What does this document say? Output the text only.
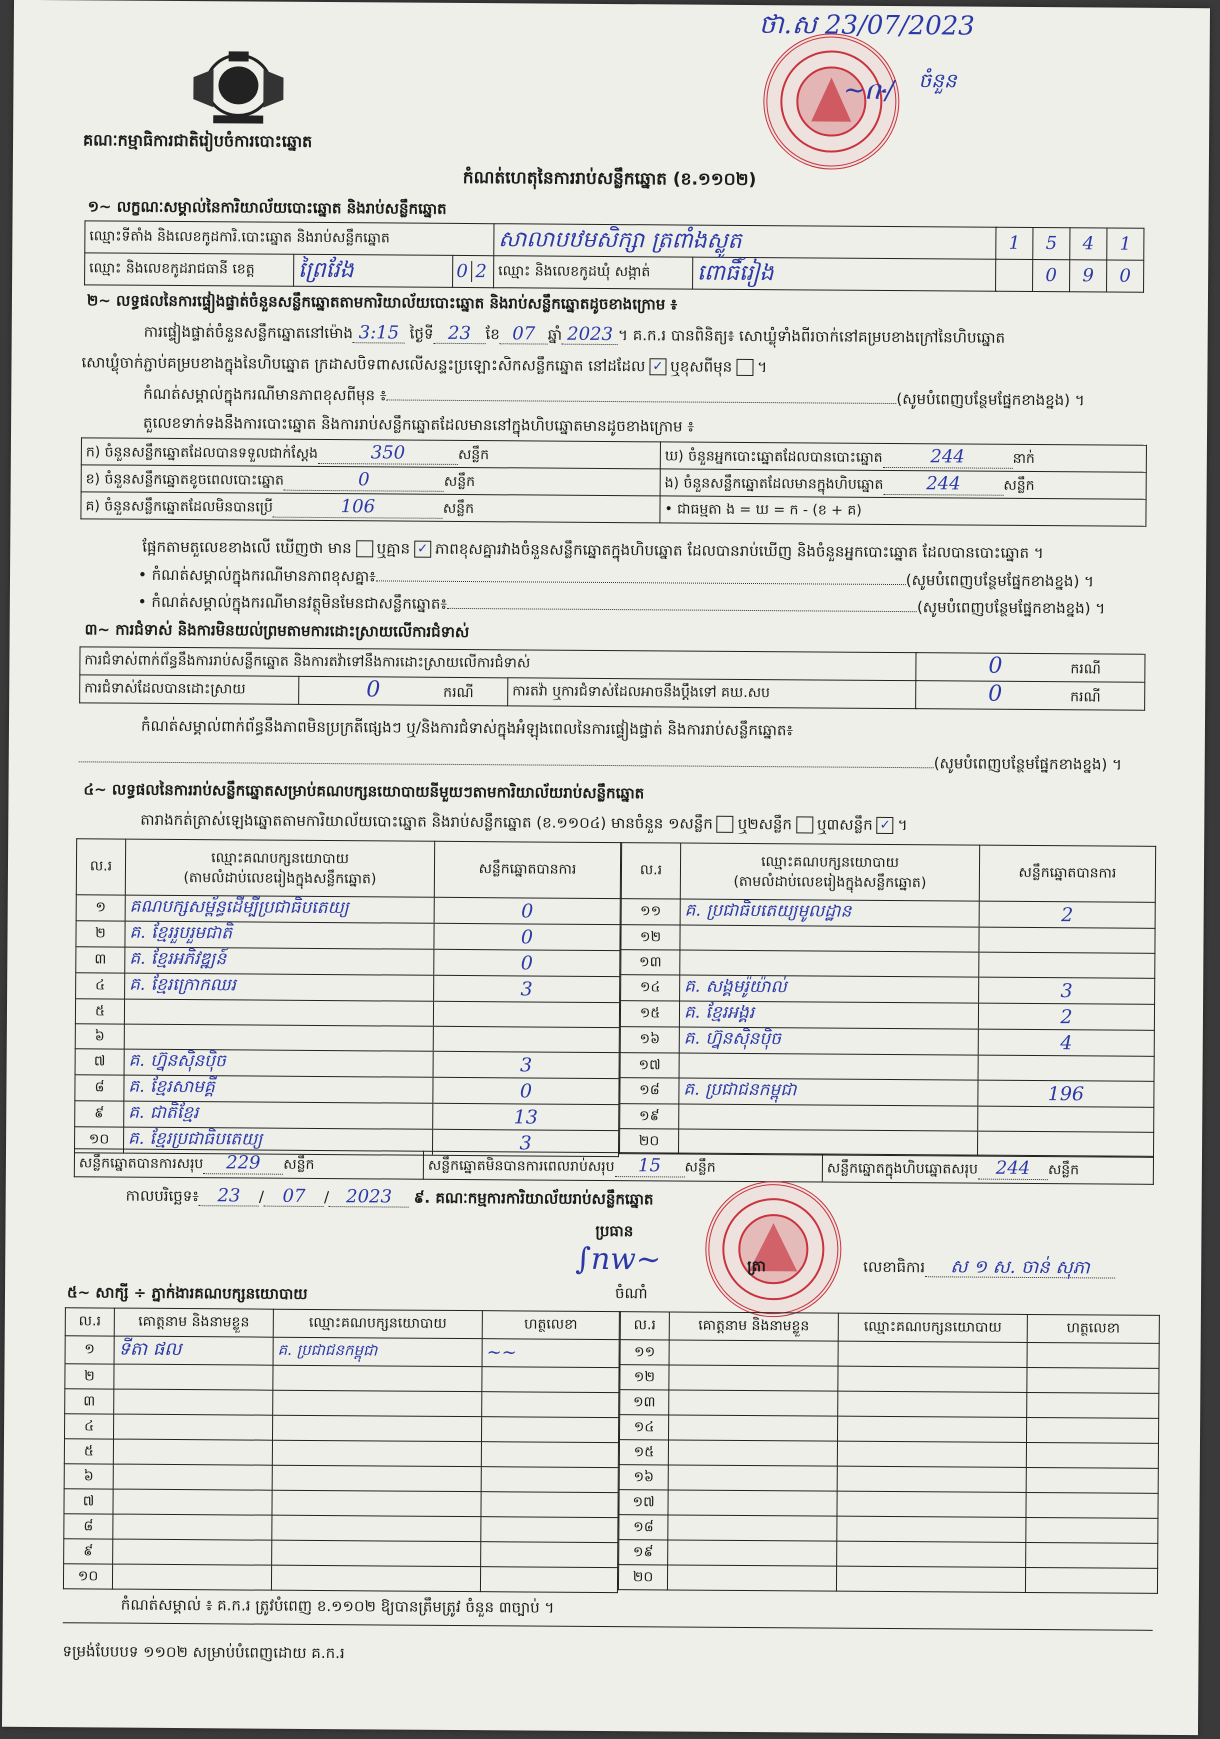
គណៈកម្មាធិការជាតិរៀបចំការបោះឆ្នោត
ថា.ស 23/07/2023
~ቡ∕ ចំនួន
កំណត់ហេតុនៃការរាប់សន្លឹកឆ្នោត (ខ.១១០២)
១~ លក្ខណៈសម្គាល់នៃការិយាល័យបោះឆ្នោត និងរាប់សន្លឹកឆ្នោត
ឈ្មោះទីតាំង និងលេខកូដការិ.បោះឆ្នោត និងរាប់សន្លឹកឆ្នោត			សាលាបឋមសិក្សា ត្រពាំងស្លូត		1	5	4	1
ឈ្មោះ និងលេខកូដរាជធានី ខេត្ត	ព្រៃវែង	0 2	ឈ្មោះ និងលេខកូដឃុំ សង្កាត់	ពោធិ៍រៀង		0	9	0
២~ លទ្ធផលនៃការផ្ទៀងផ្ទាត់ចំនួនសន្លឹកឆ្នោតតាមការិយាល័យបោះឆ្នោត និងរាប់សន្លឹកឆ្នោតដូចខាងក្រោម ៖
ការផ្ទៀងផ្ទាត់ចំនួនសន្លឹកឆ្នោតនៅម៉ោង 3:15 ថ្ងៃទី 23 ខែ 07 ឆ្នាំ 2023 ។ គ.ក.រ បានពិនិត្យ៖ សោឃ្លុំទាំងពីរចាក់នៅគម្របខាងក្រៅនៃហិបឆ្នោត
សោឃ្លុំចាក់ភ្ជាប់គម្របខាងក្នុងនៃហិបឆ្នោត ក្រដាសបិទពាសលើសន្ទះប្រឡោះសិកសន្លឹកឆ្នោត នៅដដែល ✓ ឬខុសពីមុន ។
កំណត់សម្គាល់ក្នុងករណីមានភាពខុសពីមុន ៖	(សូមបំពេញបន្ថែមផ្នែកខាងខ្នង) ។
តួលេខទាក់ទងនឹងការបោះឆ្នោត និងការរាប់សន្លឹកឆ្នោតដែលមាននៅក្នុងហិបឆ្នោតមានដូចខាងក្រោម ៖
ក) ចំនួនសន្លឹកឆ្នោតដែលបានទទួលជាក់ស្តែង 350 សន្លឹក	ឃ) ចំនួនអ្នកបោះឆ្នោតដែលបានបោះឆ្នោត 244 នាក់
ខ) ចំនួនសន្លឹកឆ្នោតខូចពេលបោះឆ្នោត 0 សន្លឹក	ង) ចំនួនសន្លឹកឆ្នោតដែលមានក្នុងហិបឆ្នោត 244 សន្លឹក
គ) ចំនួនសន្លឹកឆ្នោតដែលមិនបានប្រើ 106 សន្លឹក	• ជាធម្មតា ង = ឃ = ក - (ខ + គ)
ផ្អែកតាមតួលេខខាងលើ ឃើញថា មាន ឬគ្មាន ✓ ភាពខុសគ្នារវាងចំនួនសន្លឹកឆ្នោតក្នុងហិបឆ្នោត ដែលបានរាប់ឃើញ និងចំនួនអ្នកបោះឆ្នោត ដែលបានបោះឆ្នោត ។
• កំណត់សម្គាល់ក្នុងករណីមានភាពខុសគ្នា៖	(សូមបំពេញបន្ថែមផ្នែកខាងខ្នង) ។
• កំណត់សម្គាល់ក្នុងករណីមានវត្ថុមិនមែនជាសន្លឹកឆ្នោត៖	(សូមបំពេញបន្ថែមផ្នែកខាងខ្នង) ។
៣~ ការជំទាស់ និងការមិនយល់ព្រមតាមការដោះស្រាយលើការជំទាស់
ការជំទាស់ពាក់ព័ន្ធនឹងការរាប់សន្លឹកឆ្នោត និងការតវ៉ាទៅនឹងការដោះស្រាយលើការជំទាស់			0 ករណី
ការជំទាស់ដែលបានដោះស្រាយ	0 ករណី	ការតវ៉ា ឬការជំទាស់ដែលអាចនឹងប្តឹងទៅ គឃ.សប	0 ករណី
កំណត់សម្គាល់ពាក់ព័ន្ធនឹងភាពមិនប្រក្រតីផ្សេងៗ ឬ/និងការជំទាស់ក្នុងអំឡុងពេលនៃការផ្ទៀងផ្ទាត់ និងការរាប់សន្លឹកឆ្នោត៖
(សូមបំពេញបន្ថែមផ្នែកខាងខ្នង) ។
៤~ លទ្ធផលនៃការរាប់សន្លឹកឆ្នោតសម្រាប់គណបក្សនយោបាយនីមួយៗតាមការិយាល័យរាប់សន្លឹកឆ្នោត
តារាងកត់ត្រាស់ឡេងឆ្នោតតាមការិយាល័យបោះឆ្នោត និងរាប់សន្លឹកឆ្នោត (ខ.១១០៤) មានចំនួន ១សន្លឹក ឬ២សន្លឹក ឬ៣សន្លឹក ✓ ។
ល.រ	ឈ្មោះគណបក្សនយោបាយ
(តាមលំដាប់លេខរៀងក្នុងសន្លឹកឆ្នោត)	សន្លឹកឆ្នោតបានការ
១	គណបក្សសម្ព័ន្ធដើម្បីប្រជាធិបតេយ្យ	0
២	គ. ខ្មែររួបរួមជាតិ	0
៣	គ. ខ្មែរអភិវឌ្ឍន៍	0
៤	គ. ខ្មែរក្រោកឈរ	3
៥		
៦		
៧	គ. ហ្វ៊ុនស៊ិនប៉ិច	3
៨	គ. ខ្មែរសាមគ្គី	0
៩	គ. ជាតិខ្មែរ	13
១០	គ. ខ្មែរប្រជាធិបតេយ្យ	3
ល.រ	ឈ្មោះគណបក្សនយោបាយ
(តាមលំដាប់លេខរៀងក្នុងសន្លឹកឆ្នោត)	សន្លឹកឆ្នោតបានការ
១១	គ. ប្រជាធិបតេយ្យមូលដ្ឋាន	2
១២		
១៣		
១៤	គ. សង្គមរ៉ូយ៉ាល់	3
១៥	គ. ខ្មែរអង្គរ	2
១៦	គ. ហ្វ៊ុនស៊ិនប៉ិច	4
១៧		
១៨	គ. ប្រជាជនកម្ពុជា	196
១៩		
២០		
សន្លឹកឆ្នោតបានការសរុប 229 សន្លឹក	សន្លឹកឆ្នោតមិនបានការពេលរាប់សរុប 15 សន្លឹក	សន្លឹកឆ្នោតក្នុងហិបឆ្នោតសរុប 244 សន្លឹក
កាលបរិច្ឆេទ៖ 23 / 07 / 2023 ៩. គណៈកម្មការការិយាល័យរាប់សន្លឹកឆ្នោត
ប្រធាន
∫nw~
ចំណាំ
ត្រា	លេខាធិការ ស ១ ស. ចាន់ សុភា
៥~ សាក្សី ÷ ភ្នាក់ងារគណបក្សនយោបាយ
ល.រ	គោត្តនាម និងនាមខ្លួន	ឈ្មោះគណបក្សនយោបាយ	ហត្ថលេខា
១	ទីតា ផល	គ. ប្រជាជនកម្ពុជា	~~
២			
៣			
៤			
៥			
៦			
៧			
៨			
៩			
១០			
ល.រ	គោត្តនាម និងនាមខ្លួន	ឈ្មោះគណបក្សនយោបាយ	ហត្ថលេខា
១១			
១២			
១៣			
១៤			
១៥			
១៦			
១៧			
១៨			
១៩			
២០			
កំណត់សម្គាល់ ៖ គ.ក.រ ត្រូវបំពេញ ខ.១១០២ ឱ្យបានត្រឹមត្រូវ ចំនួន ៣ច្បាប់ ។
ទម្រង់បែបបទ ១១០២ សម្រាប់បំពេញដោយ គ.ក.រ
